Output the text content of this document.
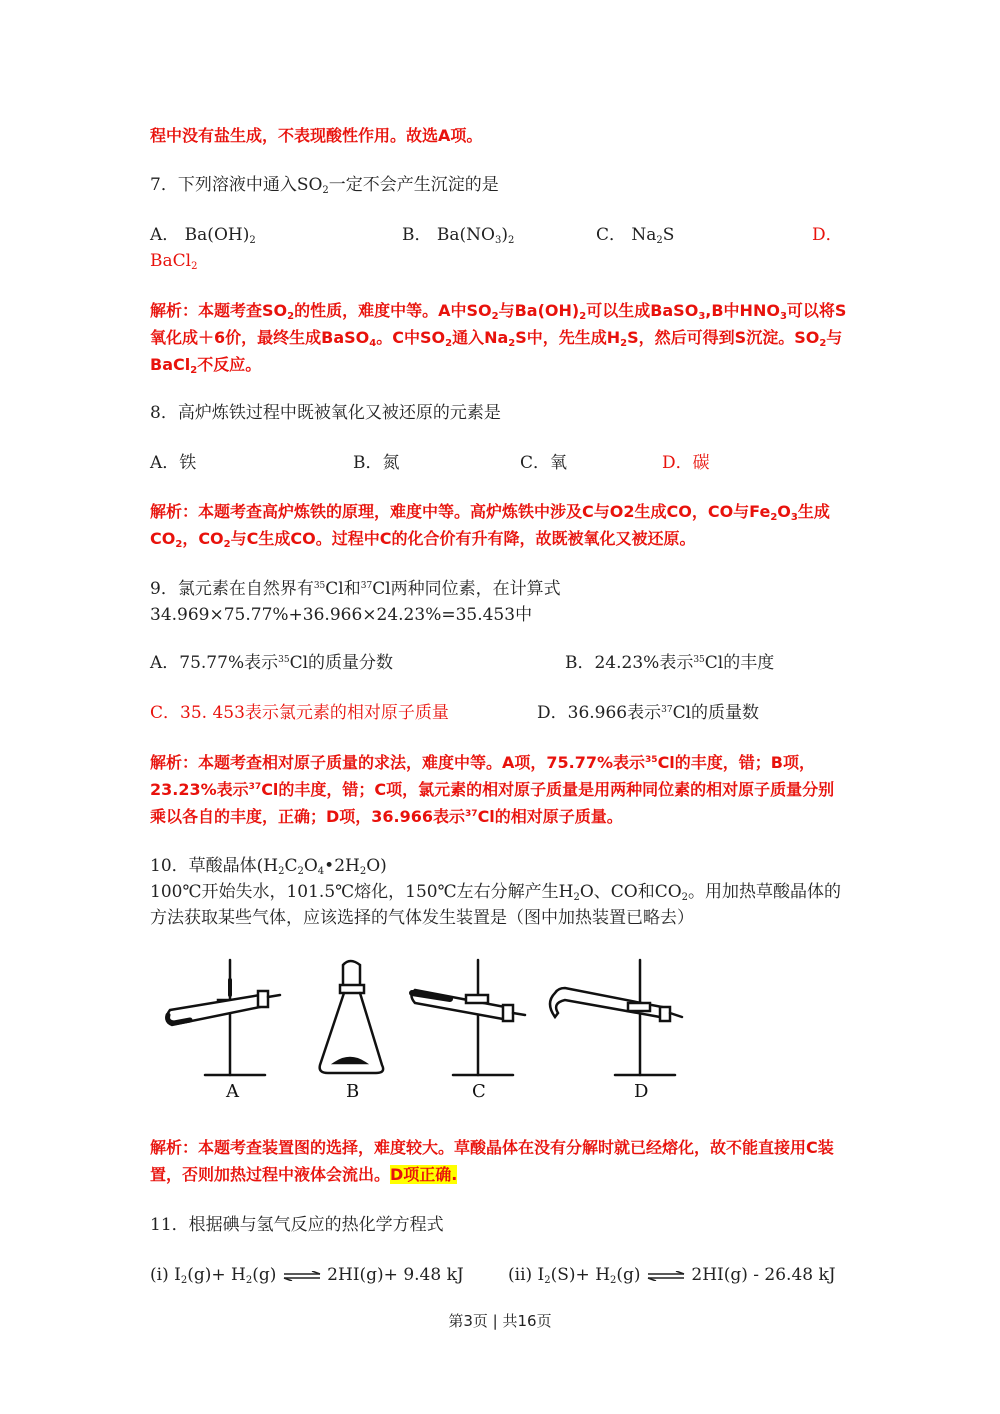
程中没有盐生成，不表现酸性作用。故选A项。

7．下列溶液中通入$SO_2$一定不会产生沉淀的是

A． $Ba(OH)_2$	B． $Ba(NO_3)_2$	C． $Na_2S$	D．
BaCl$_2$

解析：本题考查$SO_2$的性质，难度中等。A中$SO_2$与$Ba(OH)_2$可以生成BaSO$_3$,B中$HNO_3$可以将S氧化成＋6价，最终生成BaSO$_4$。C中$SO_2$通入$Na_2S$中，先生成$H_2S$，然后可得到S沉淀。$SO_2$与BaCl$_2$不反应。

8．高炉炼铁过程中既被氧化又被还原的元素是

A．铁	B．氮	C．氧	D．碳

解析：本题考查高炉炼铁的原理，难度中等。高炉炼铁中涉及C与O2生成CO，CO与$Fe_2O_3$生成$CO_2$，$CO_2$与C生成CO。过程中C的化合价有升有降，故既被氧化又被还原。

9．氯元素在自然界有$^{35}$Cl和$^{37}$Cl两种同位素，在计算式34.969×75.77%+36.966×24.23%=35.453中

A．75.77%表示$^{35}$Cl的质量分数	B．24.23%表示$^{35}$Cl的丰度
C．35. 453表示氯元素的相对原子质量	D．36.966表示$^{37}$Cl的质量数

解析：本题考查相对原子质量的求法，难度中等。A项，75.77%表示$^{35}$Cl的丰度，错；B项，23.23%表示$^{37}$Cl的丰度，错；C项，氯元素的相对原子质量是用两种同位素的相对原子质量分别乘以各自的丰度，正确；D项，36.966表示$^{37}$Cl的相对原子质量。

10．草酸晶体$(H_2C_2O_4•2H_2O)$

100℃开始失水，101.5℃熔化，150℃左右分解产生$H_2O$、CO和$CO_2$。用加热草酸晶体的方法获取某些气体，应该选择的气体发生装置是（图中加热装置已略去）

A	B	C	D

解析：本题考查装置图的选择，难度较大。草酸晶体在没有分解时就已经熔化，故不能直接用C装置，否则加热过程中液体会流出。D项正确.

11．根据碘与氢气反应的热化学方程式

(i) $I_2(g)+ H_2(g)$ ⇌ 2HI(g)+ 9.48 kJ	(ii) $I_2(S)+ H_2(g)$ ⇌ 2HI(g) - 26.48 kJ
第3页 | 共16页
